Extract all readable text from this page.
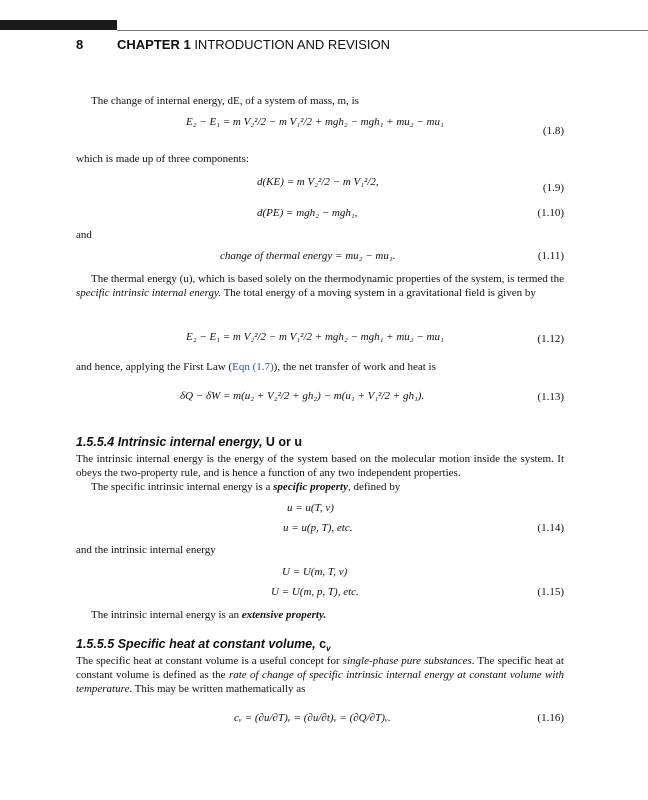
8	CHAPTER 1 INTRODUCTION AND REVISION
The change of internal energy, dE, of a system of mass, m, is
E₂ − E₁ = m V₂²/2 − m V₁²/2 + mgh₂ − mgh₁ + mu₂ − mu₁
(1.8)
which is made up of three components:
d(KE) = m V₂²/2 − m V₁²/2,	(1.9)
d(PE) = mgh₂ − mgh₁,	(1.10)
and
change of thermal energy = mu₂ − mu₁.	(1.11)
The thermal energy (u), which is based solely on the thermodynamic properties of the system, is termed the specific intrinsic internal energy. The total energy of a moving system in a gravitational field is given by
E₂ − E₁ = m V₂²/2 − m V₁²/2 + mgh₂ − mgh₁ + mu₂ − mu₁	(1.12)
and hence, applying the First Law (Eqn (1.7)), the net transfer of work and heat is
δQ − δW = m(u₂ + V₂²/2 + gh₂) − m(u₁ + V₁²/2 + gh₁).	(1.13)
1.5.5.4 Intrinsic internal energy, U or u
The intrinsic internal energy is the energy of the system based on the molecular motion inside the system. It obeys the two-property rule, and is hence a function of any two independent properties.
The specific intrinsic internal energy is a specific property, defined by
u = u(T, v)
u = u(p, T), etc.	(1.14)
and the intrinsic internal energy
U = U(m, T, v)
U = U(m, p, T), etc.	(1.15)
The intrinsic internal energy is an extensive property.
1.5.5.5 Specific heat at constant volume, $c_v$
The specific heat at constant volume is a useful concept for single-phase pure substances. The specific heat at constant volume is defined as the rate of change of specific intrinsic internal energy at constant volume with temperature. This may be written mathematically as
cᵥ = (∂u/∂T)ᵥ = (∂u/∂t)ᵥ = (∂Q/∂T)ᵥ.	(1.16)
